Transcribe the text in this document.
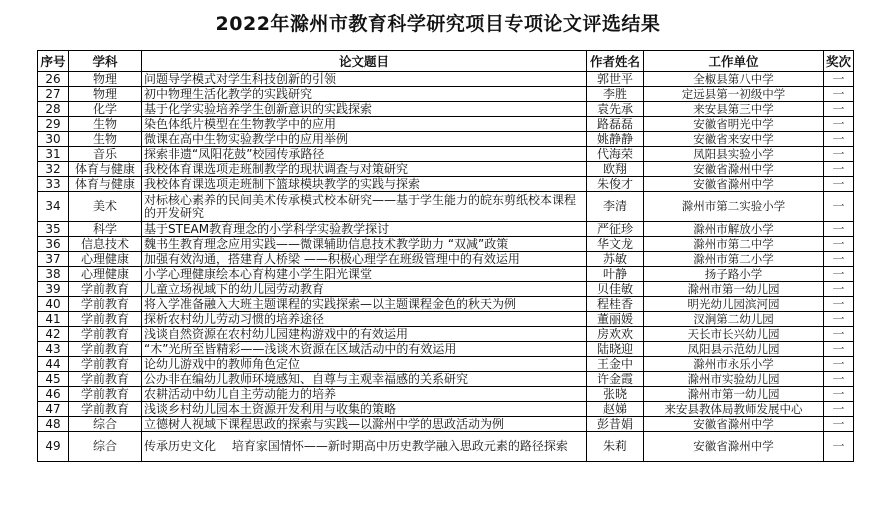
2022年滁州市教育科学研究项目专项论文评选结果
序号	学科	论文题目	作者姓名	工作单位	奖次
26	物理	问题导学模式对学生科技创新的引领	郭世平	全椒县第八中学	一
27	物理	初中物理生活化教学的实践研究	李胜	定远县第一初级中学	一
28	化学	基于化学实验培养学生创新意识的实践探索	袁先承	来安县第三中学	一
29	生物	染色体纸片模型在生物教学中的应用	路磊磊	安徽省明光中学	一
30	生物	微课在高中生物实验教学中的应用举例	姚静静	安徽省来安中学	一
31	音乐	探索非遗“凤阳花鼓”校园传承路径	代海荣	凤阳县实验小学	一
32	体育与健康	我校体育课选项走班制教学的现状调查与对策研究	欧翔	安徽省滁州中学	一
33	体育与健康	我校体育课选项走班制下篮球模块教学的实践与探索	朱俊才	安徽省滁州中学	一
34	美术	对标核心素养的民间美术传承模式校本研究——基于学生能力的皖东剪纸校本课程的开发研究	李清	滁州市第二实验小学	一
35	科学	基于STEAM教育理念的小学科学实验教学探讨	严征珍	滁州市解放小学	一
36	信息技术	魏书生教育理念应用实践——微课辅助信息技术教学助力 “双减”政策	华文龙	滁州市第二中学	一
37	心理健康	加强有效沟通，搭建育人桥梁 ——积极心理学在班级管理中的有效运用	苏敏	滁州市第二小学	一
38	心理健康	小学心理健康绘本心育构建小学生阳光课堂	叶静	扬子路小学	一
39	学前教育	儿童立场视域下的幼儿园劳动教育	贝佳敏	滁州市第一幼儿园	一
40	学前教育	将入学准备融入大班主题课程的实践探索—以主题课程金色的秋天为例	程桂香	明光幼儿园滨河园	一
41	学前教育	探析农村幼儿劳动习惯的培养途径	董丽媛	汊涧第二幼儿园	一
42	学前教育	浅谈自然资源在农村幼儿园建构游戏中的有效运用	房欢欢	天长市长兴幼儿园	一
43	学前教育	“木”光所至皆精彩——浅谈木资源在区域活动中的有效运用	陆晓迎	凤阳县示范幼儿园	一
44	学前教育	论幼儿游戏中的教师角色定位	王金中	滁州市永乐小学	一
45	学前教育	公办非在编幼儿教师环境感知、自尊与主观幸福感的关系研究	许金霞	滁州市实验幼儿园	一
46	学前教育	农耕活动中幼儿自主劳动能力的培养	张晓	滁州市第一幼儿园	一
47	学前教育	浅谈乡村幼儿园本土资源开发利用与收集的策略	赵娣	来安县教体局教师发展中心	一
48	综合	立德树人视域下课程思政的探索与实践—以滁州中学的思政活动为例	彭昔娟	安徽省滁州中学	一
49	综合	传承历史文化　 培育家国情怀——新时期高中历史教学融入思政元素的路径探索	朱莉	安徽省滁州中学	一
